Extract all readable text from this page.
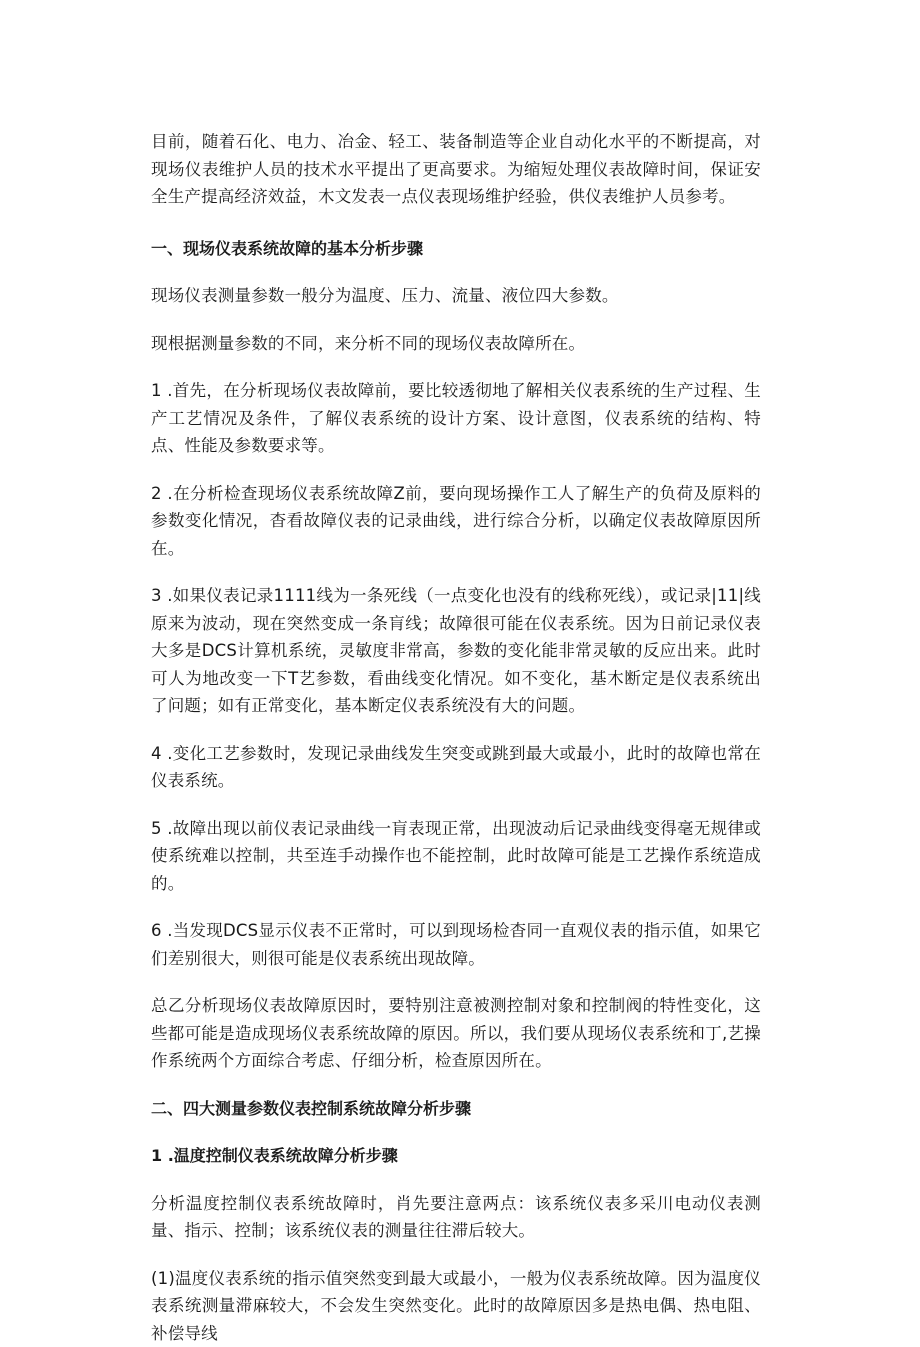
目前，随着石化、电力、冶金、轻工、装备制造等企业自动化水平的不断提高，对现场仪表维护人员的技术水平提出了更高要求。为缩短处理仪表故障时间，保证安全生产提高经济效益，木文发表一点仪表现场维护经验，供仪表维护人员参考。

一、现场仪表系统故障的基本分析步骤

现场仪表测量参数一般分为温度、压力、流量、液位四大参数。

现根据测量参数的不同，来分析不同的现场仪表故障所在。

1 .首先，在分析现场仪表故障前，要比较透彻地了解相关仪表系统的生产过程、生产工艺情况及条件，了解仪表系统的设计方案、设计意图，仪表系统的结构、特点、性能及参数要求等。

2 .在分析检查现场仪表系统故障Z前，要向现场操作工人了解生产的负荷及原料的参数变化情况，杳看故障仪表的记录曲线，进行综合分析，以确定仪表故障原因所在。

3 .如果仪表记录1111线为一条死线（一点变化也没有的线称死线），或记录|11|线原来为波动，现在突然变成一条肓线；故障很可能在仪表系统。因为日前记录仪表大多是DCS计算机系统，灵敏度非常高，参数的变化能非常灵敏的反应出来。此时可人为地改变一下T艺参数，看曲线变化情况。如不变化，基木断定是仪表系统出了问题；如有正常变化，基本断定仪表系统没有大的问题。

4 .变化工艺参数时，发现记录曲线发生突变或跳到最大或最小，此时的故障也常在仪表系统。

5 .故障出现以前仪表记录曲线一肓表现正常，出现波动后记录曲线变得毫无规律或使系统难以控制，共至连手动操作也不能控制，此时故障可能是工艺操作系统造成的。

6 .当发现DCS显示仪表不正常时，可以到现场检杳同一直观仪表的指示值，如果它们差别很大，则很可能是仪表系统出现故障。

总乙分析现场仪表故障原因时，要特别注意被测控制对象和控制阀的特性变化，这些都可能是造成现场仪表系统故障的原因。所以，我们要从现场仪表系统和丁,艺操作系统两个方面综合考虑、仔细分析，检查原因所在。

二、四大测量参数仪表控制系统故障分析步骤

1 .温度控制仪表系统故障分析步骤

分析温度控制仪表系统故障时，肖先要注意两点：该系统仪表多采川电动仪表测量、指示、控制；该系统仪表的测量往往滞后较大。

(1)温度仪表系统的指示值突然变到最大或最小，一般为仪表系统故障。因为温度仪表系统测量滞麻较大，不会发生突然变化。此时的故障原因多是热电偶、热电阻、补偿导线
